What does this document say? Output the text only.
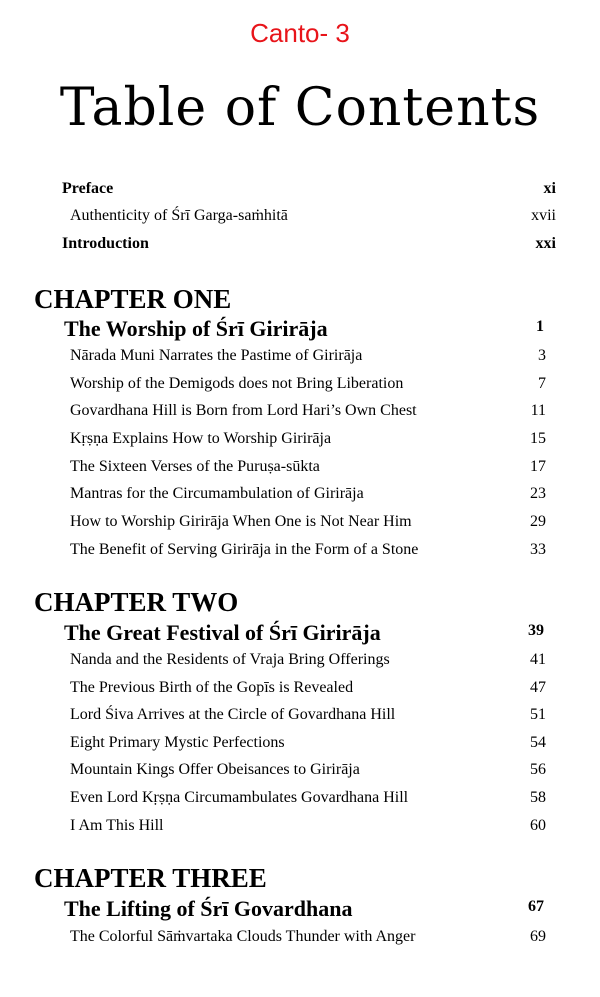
Canto- 3
Table of Contents
Preface	xi
Authenticity of Śrī Garga-saṁhitā	xvii
Introduction	xxi
CHAPTER ONE
The Worship of Śrī Girirāja	1
Nārada Muni Narrates the Pastime of Girirāja	3
Worship of the Demigods does not Bring Liberation	7
Govardhana Hill is Born from Lord Hari’s Own Chest	11
Kṛṣṇa Explains How to Worship Girirāja	15
The Sixteen Verses of the Puruṣa-sūkta	17
Mantras for the Circumambulation of Girirāja	23
How to Worship Girirāja When One is Not Near Him	29
The Benefit of Serving Girirāja in the Form of a Stone	33
CHAPTER TWO
The Great Festival of Śrī Girirāja	39
Nanda and the Residents of Vraja Bring Offerings	41
The Previous Birth of the Gopīs is Revealed	47
Lord Śiva Arrives at the Circle of Govardhana Hill	51
Eight Primary Mystic Perfections	54
Mountain Kings Offer Obeisances to Girirāja	56
Even Lord Kṛṣṇa Circumambulates Govardhana Hill	58
I Am This Hill	60
CHAPTER THREE
The Lifting of Śrī Govardhana	67
The Colorful Sāṁvartaka Clouds Thunder with Anger	69
